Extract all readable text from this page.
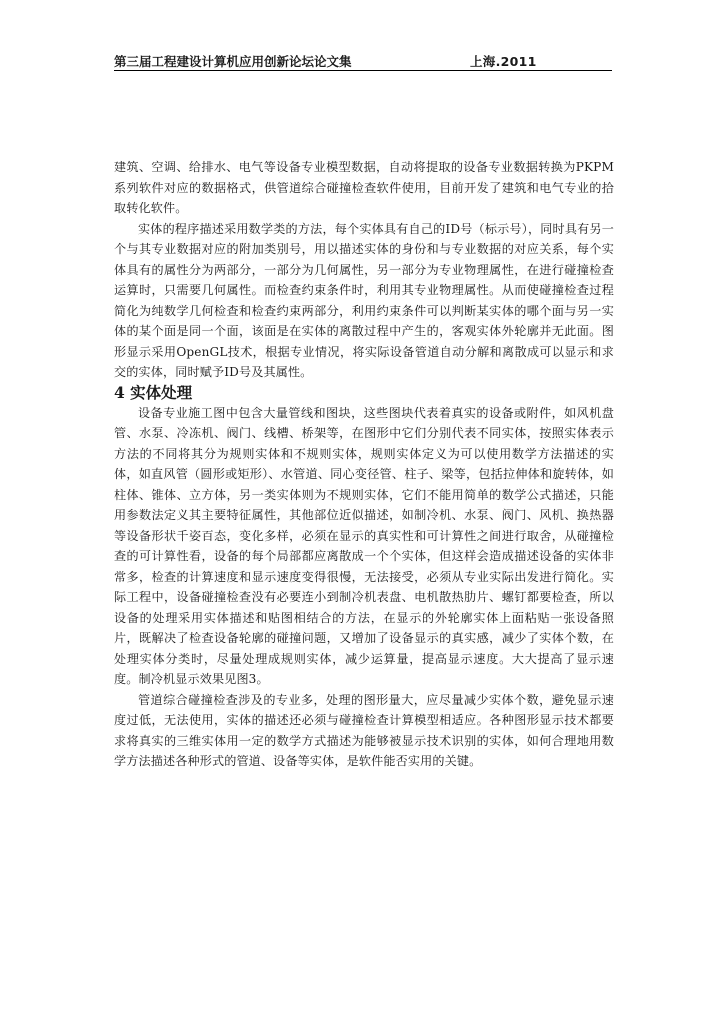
第三届工程建设计算机应用创新论坛论文集	上海.2011

建筑、空调、给排水、电气等设备专业模型数据，自动将提取的设备专业数据转换为PKPM系列软件对应的数据格式，供管道综合碰撞检查软件使用，目前开发了建筑和电气专业的拾取转化软件。

实体的程序描述采用数学类的方法，每个实体具有自己的ID号（标示号），同时具有另一个与其专业数据对应的附加类别号，用以描述实体的身份和与专业数据的对应关系，每个实体具有的属性分为两部分，一部分为几何属性，另一部分为专业物理属性，在进行碰撞检查运算时，只需要几何属性。而检查约束条件时，利用其专业物理属性。从而使碰撞检查过程简化为纯数学几何检查和检查约束两部分，利用约束条件可以判断某实体的哪个面与另一实体的某个面是同一个面，该面是在实体的离散过程中产生的，客观实体外轮廓并无此面。图形显示采用OpenGL技术，根据专业情况，将实际设备管道自动分解和离散成可以显示和求交的实体，同时赋予ID号及其属性。

4 实体处理

设备专业施工图中包含大量管线和图块，这些图块代表着真实的设备或附件，如风机盘管、水泵、冷冻机、阀门、线槽、桥架等，在图形中它们分别代表不同实体，按照实体表示方法的不同将其分为规则实体和不规则实体，规则实体定义为可以使用数学方法描述的实体，如直风管（圆形或矩形）、水管道、同心变径管、柱子、梁等，包括拉伸体和旋转体，如柱体、锥体、立方体，另一类实体则为不规则实体，它们不能用简单的数学公式描述，只能用参数法定义其主要特征属性，其他部位近似描述，如制冷机、水泵、阀门、风机、换热器等设备形状千姿百态，变化多样，必须在显示的真实性和可计算性之间进行取舍，从碰撞检查的可计算性看，设备的每个局部都应离散成一个个实体，但这样会造成描述设备的实体非常多，检查的计算速度和显示速度变得很慢，无法接受，必须从专业实际出发进行简化。实际工程中，设备碰撞检查没有必要连小到制冷机表盘、电机散热肋片、螺钉都要检查，所以设备的处理采用实体描述和贴图相结合的方法，在显示的外轮廓实体上面粘贴一张设备照片，既解决了检查设备轮廓的碰撞问题，又增加了设备显示的真实感，减少了实体个数，在处理实体分类时，尽量处理成规则实体，减少运算量，提高显示速度。大大提高了显示速度。制冷机显示效果见图3。

管道综合碰撞检查涉及的专业多，处理的图形量大，应尽量减少实体个数，避免显示速度过低，无法使用，实体的描述还必须与碰撞检查计算模型相适应。各种图形显示技术都要求将真实的三维实体用一定的数学方式描述为能够被显示技术识别的实体，如何合理地用数学方法描述各种形式的管道、设备等实体，是软件能否实用的关键。
